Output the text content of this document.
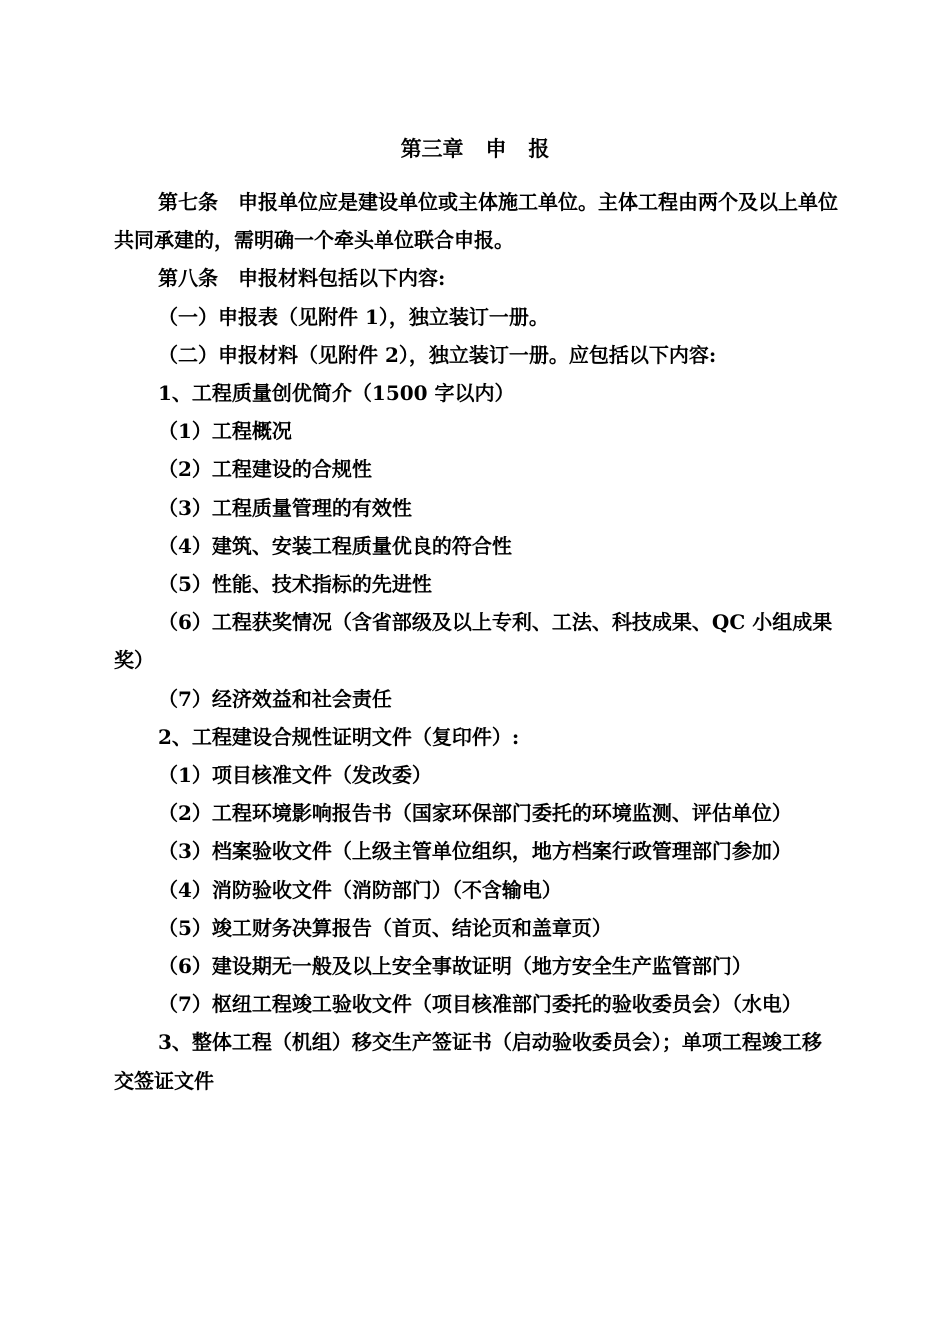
第三章   申   报

第七条　申报单位应是建设单位或主体施工单位。主体工程由两个及以上单位共同承建的，需明确一个牵头单位联合申报。

第八条　申报材料包括以下内容:

（一）申报表（见附件 1），独立装订一册。

（二）申报材料（见附件 2），独立装订一册。应包括以下内容:

1、工程质量创优简介（1500 字以内）

（1）工程概况

（2）工程建设的合规性

（3）工程质量管理的有效性

（4）建筑、安装工程质量优良的符合性

（5）性能、技术指标的先进性

（6）工程获奖情况（含省部级及以上专利、工法、科技成果、QC 小组成果奖）

（7）经济效益和社会责任

2、工程建设合规性证明文件（复印件）:

（1）项目核准文件（发改委）

（2）工程环境影响报告书（国家环保部门委托的环境监测、评估单位）

（3）档案验收文件（上级主管单位组织，地方档案行政管理部门参加）

（4）消防验收文件（消防部门）（不含输电）

（5）竣工财务决算报告（首页、结论页和盖章页）

（6）建设期无一般及以上安全事故证明（地方安全生产监管部门）

（7）枢纽工程竣工验收文件（项目核准部门委托的验收委员会）（水电）

3、整体工程（机组）移交生产签证书（启动验收委员会）；单项工程竣工移交签证文件
